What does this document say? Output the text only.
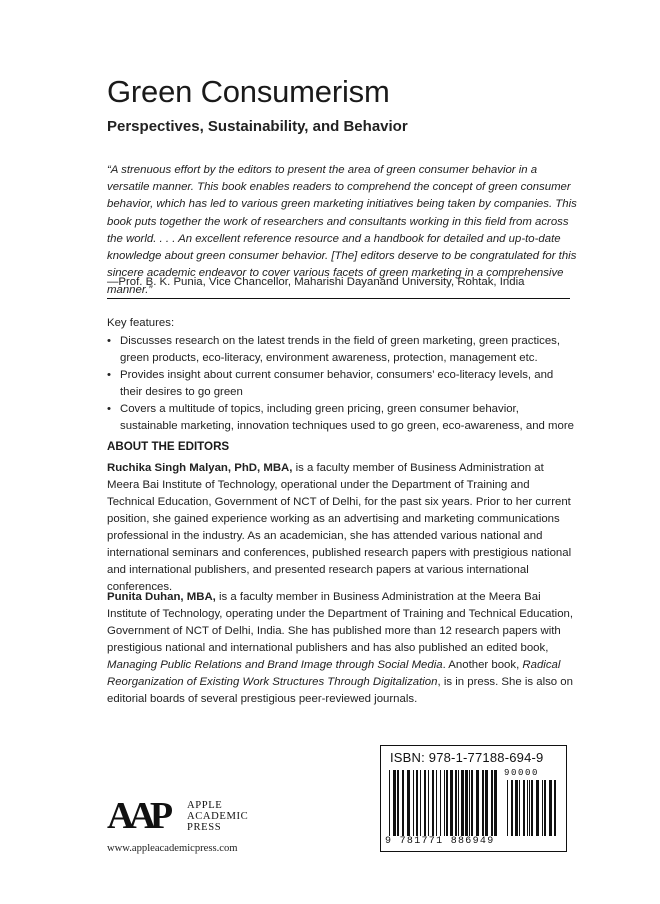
Green Consumerism
Perspectives, Sustainability, and Behavior

“A strenuous effort by the editors to present the area of green consumer behavior in a versatile manner. This book enables readers to comprehend the concept of green consumer behavior, which has led to various green marketing initiatives being taken by companies. This book puts together the work of researchers and consultants working in this field from across the world. . . . An excellent reference resource and a handbook for detailed and up-to-date knowledge about green consumer behavior. [The] editors deserve to be congratulated for this sincere academic endeavor to cover various facets of green marketing in a comprehensive manner.”

—Prof. B. K. Punia, Vice Chancellor, Maharishi Dayanand University, Rohtak, India
Key features:
• Discusses research on the latest trends in the field of green marketing, green practices, green products, eco-literacy, environment awareness, protection, management etc.
• Provides insight about current consumer behavior, consumers’ eco-literacy levels, and their desires to go green
• Covers a multitude of topics, including green pricing, green consumer behavior, sustainable marketing, innovation techniques used to go green, eco-awareness, and more
ABOUT THE EDITORS

Ruchika Singh Malyan, PhD, MBA, is a faculty member of Business Administration at Meera Bai Institute of Technology, operational under the Department of Training and Technical Education, Government of NCT of Delhi, for the past six years. Prior to her current position, she gained experience working as an advertising and marketing communications professional in the industry. As an academician, she has attended various national and international seminars and conferences, published research papers with prestigious national and international publishers, and presented research papers at various international conferences.

Punita Duhan, MBA, is a faculty member in Business Administration at the Meera Bai Institute of Technology, operating under the Department of Training and Technical Education, Government of NCT of Delhi, India. She has published more than 12 research papers with prestigious national and international publishers and has also published an edited book, Managing Public Relations and Brand Image through Social Media. Another book, Radical Reorganization of Existing Work Structures Through Digitalization, is in press. She is also on editorial boards of several prestigious peer-reviewed journals.

AAP APPLE
ACADEMIC
PRESS
www.appleacademicpress.com
ISBN: 978-1-77188-694-9
90000
9 781771 886949
